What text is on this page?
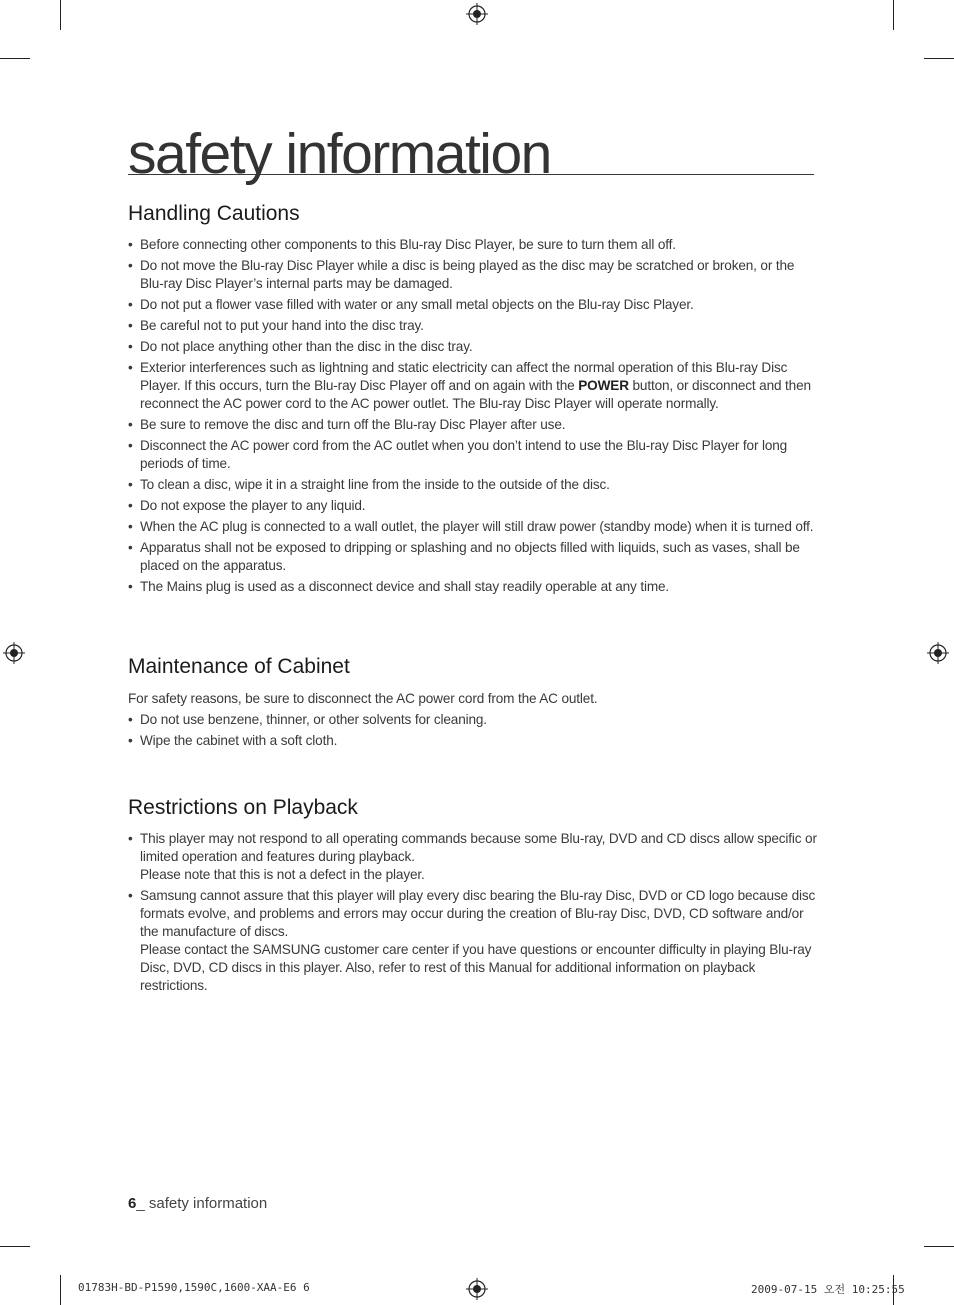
safety information
Handling Cautions
• Before connecting other components to this Blu-ray Disc Player, be sure to turn them all off.
• Do not move the Blu-ray Disc Player while a disc is being played as the disc may be scratched or broken, or the Blu-ray Disc Player’s internal parts may be damaged.
• Do not put a flower vase filled with water or any small metal objects on the Blu-ray Disc Player.
• Be careful not to put your hand into the disc tray.
• Do not place anything other than the disc in the disc tray.
• Exterior interferences such as lightning and static electricity can affect the normal operation of this Blu-ray Disc Player. If this occurs, turn the Blu-ray Disc Player off and on again with the POWER button, or disconnect and then reconnect the AC power cord to the AC power outlet. The Blu-ray Disc Player will operate normally.
• Be sure to remove the disc and turn off the Blu-ray Disc Player after use.
• Disconnect the AC power cord from the AC outlet when you don’t intend to use the Blu-ray Disc Player for long periods of time.
• To clean a disc, wipe it in a straight line from the inside to the outside of the disc.
• Do not expose the player to any liquid.
• When the AC plug is connected to a wall outlet, the player will still draw power (standby mode) when it is turned off.
• Apparatus shall not be exposed to dripping or splashing and no objects filled with liquids, such as vases, shall be placed on the apparatus.
• The Mains plug is used as a disconnect device and shall stay readily operable at any time.
Maintenance of Cabinet

For safety reasons, be sure to disconnect the AC power cord from the AC outlet.

• Do not use benzene, thinner, or other solvents for cleaning.
• Wipe the cabinet with a soft cloth.
Restrictions on Playback
• This player may not respond to all operating commands because some Blu-ray, DVD and CD discs allow specific or limited operation and features during playback.
Please note that this is not a defect in the player.
• Samsung cannot assure that this player will play every disc bearing the Blu-ray Disc, DVD or CD logo because disc formats evolve, and problems and errors may occur during the creation of Blu-ray Disc, DVD, CD software and/or the manufacture of discs.
Please contact the SAMSUNG customer care center if you have questions or encounter difficulty in playing Blu-ray Disc, DVD, CD discs in this player. Also, refer to rest of this Manual for additional information on playback restrictions.
6_ safety information
01783H-BD-P1590,1590C,1600-XAA-E6 6	2009-07-15 오전 10:25:55
